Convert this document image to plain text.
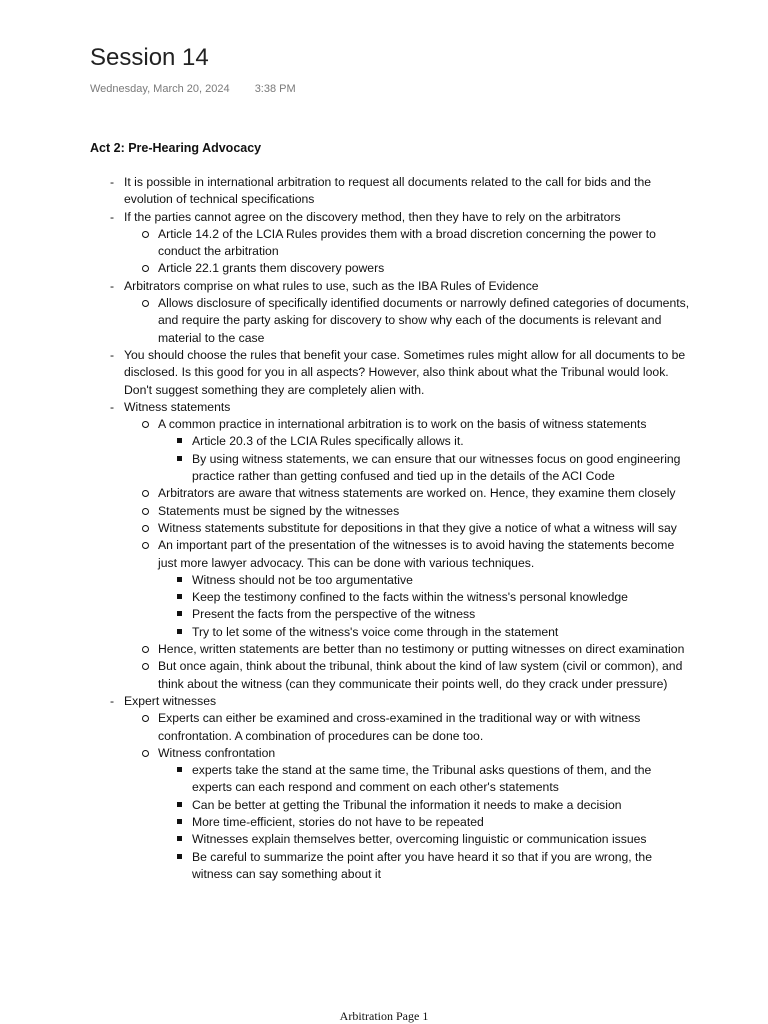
Session 14
Wednesday, March 20, 2024 3:38 PM
Act 2: Pre-Hearing Advocacy
- It is possible in international arbitration to request all documents related to the call for bids and the evolution of technical specifications
- If the parties cannot agree on the discovery method, then they have to rely on the arbitrators
Article 14.2 of the LCIA Rules provides them with a broad discretion concerning the power to conduct the arbitration
Article 22.1 grants them discovery powers
- Arbitrators comprise on what rules to use, such as the IBA Rules of Evidence
Allows disclosure of specifically identified documents or narrowly defined categories of documents, and require the party asking for discovery to show why each of the documents is relevant and material to the case
- You should choose the rules that benefit your case. Sometimes rules might allow for all documents to be disclosed. Is this good for you in all aspects? However, also think about what the Tribunal would look. Don't suggest something they are completely alien with.
- Witness statements
A common practice in international arbitration is to work on the basis of witness statements
Article 20.3 of the LCIA Rules specifically allows it.
By using witness statements, we can ensure that our witnesses focus on good engineering practice rather than getting confused and tied up in the details of the ACI Code
Arbitrators are aware that witness statements are worked on. Hence, they examine them closely
Statements must be signed by the witnesses
Witness statements substitute for depositions in that they give a notice of what a witness will say
An important part of the presentation of the witnesses is to avoid having the statements become just more lawyer advocacy. This can be done with various techniques.
Witness should not be too argumentative
Keep the testimony confined to the facts within the witness's personal knowledge
Present the facts from the perspective of the witness
Try to let some of the witness's voice come through in the statement
Hence, written statements are better than no testimony or putting witnesses on direct examination
But once again, think about the tribunal, think about the kind of law system (civil or common), and think about the witness (can they communicate their points well, do they crack under pressure)
- Expert witnesses
Experts can either be examined and cross-examined in the traditional way or with witness confrontation. A combination of procedures can be done too.
Witness confrontation
experts take the stand at the same time, the Tribunal asks questions of them, and the experts can each respond and comment on each other's statements
Can be better at getting the Tribunal the information it needs to make a decision
More time-efficient, stories do not have to be repeated
Witnesses explain themselves better, overcoming linguistic or communication issues
Be careful to summarize the point after you have heard it so that if you are wrong, the witness can say something about it
Arbitration Page 1
